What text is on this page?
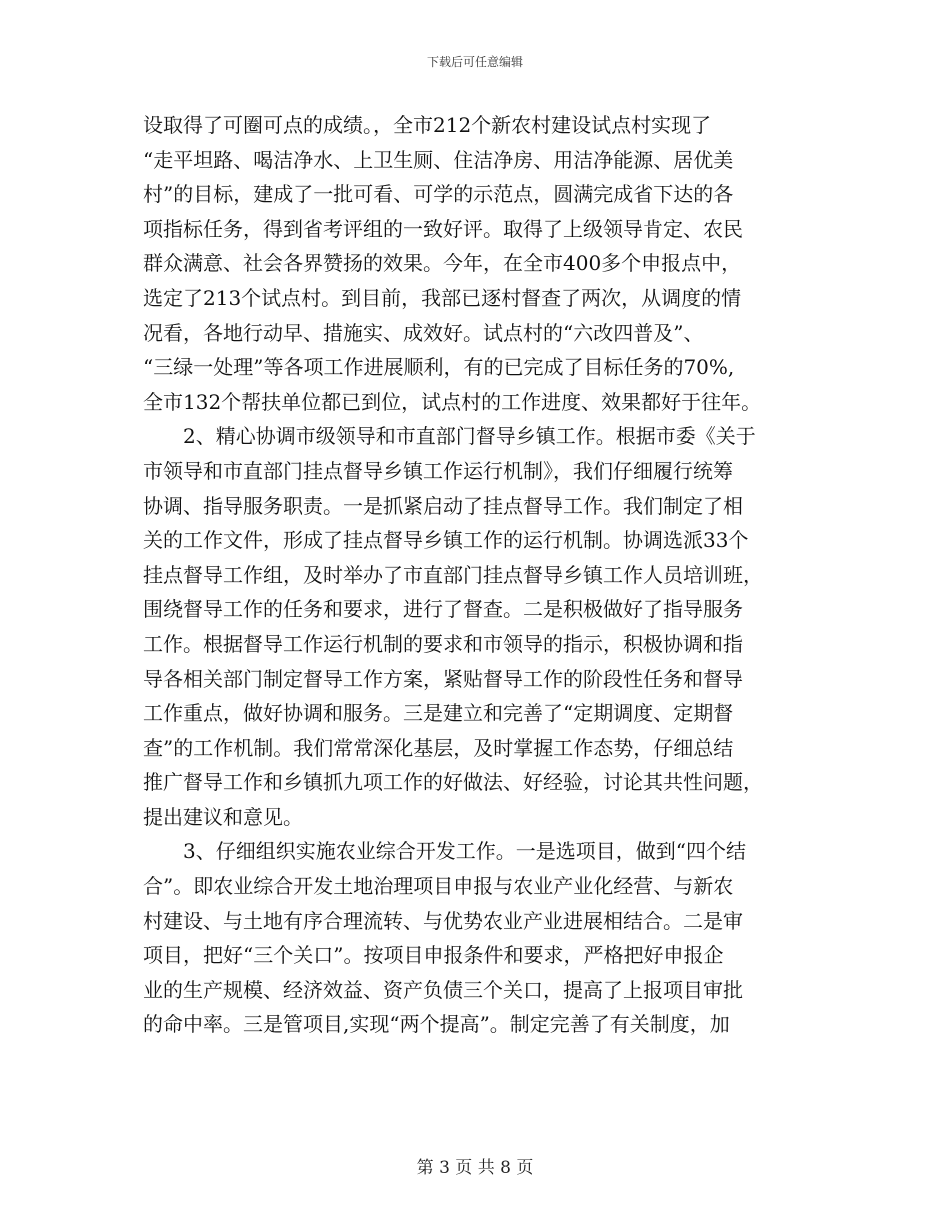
下载后可任意编辑
设取得了可圈可点的成绩。，全市212个新农村建设试点村实现了
“走平坦路、喝洁净水、上卫生厕、住洁净房、用洁净能源、居优美
村”的目标，建成了一批可看、可学的示范点，圆满完成省下达的各
项指标任务，得到省考评组的一致好评。取得了上级领导肯定、农民
群众满意、社会各界赞扬的效果。今年，在全市400多个申报点中，
选定了213个试点村。到目前，我部已逐村督查了两次，从调度的情
况看，各地行动早、措施实、成效好。试点村的“六改四普及”、
“三绿一处理”等各项工作进展顺利，有的已完成了目标任务的70%,
全市132个帮扶单位都已到位，试点村的工作进度、效果都好于往年。
　　2、精心协调市级领导和市直部门督导乡镇工作。根据市委《关于
市领导和市直部门挂点督导乡镇工作运行机制》，我们仔细履行统筹
协调、指导服务职责。一是抓紧启动了挂点督导工作。我们制定了相
关的工作文件，形成了挂点督导乡镇工作的运行机制。协调选派33个
挂点督导工作组，及时举办了市直部门挂点督导乡镇工作人员培训班，
围绕督导工作的任务和要求，进行了督查。二是积极做好了指导服务
工作。根据督导工作运行机制的要求和市领导的指示，积极协调和指
导各相关部门制定督导工作方案，紧贴督导工作的阶段性任务和督导
工作重点，做好协调和服务。三是建立和完善了“定期调度、定期督
查”的工作机制。我们常常深化基层，及时掌握工作态势，仔细总结
推广督导工作和乡镇抓九项工作的好做法、好经验，讨论其共性问题，
提出建议和意见。
　　3、仔细组织实施农业综合开发工作。一是选项目，做到“四个结
合”。即农业综合开发土地治理项目申报与农业产业化经营、与新农
村建设、与土地有序合理流转、与优势农业产业进展相结合。二是审
项目，把好“三个关口”。按项目申报条件和要求，严格把好申报企
业的生产规模、经济效益、资产负债三个关口，提高了上报项目审批
的命中率。三是管项目,实现“两个提高”。制定完善了有关制度，加
第 3 页 共 8 页
